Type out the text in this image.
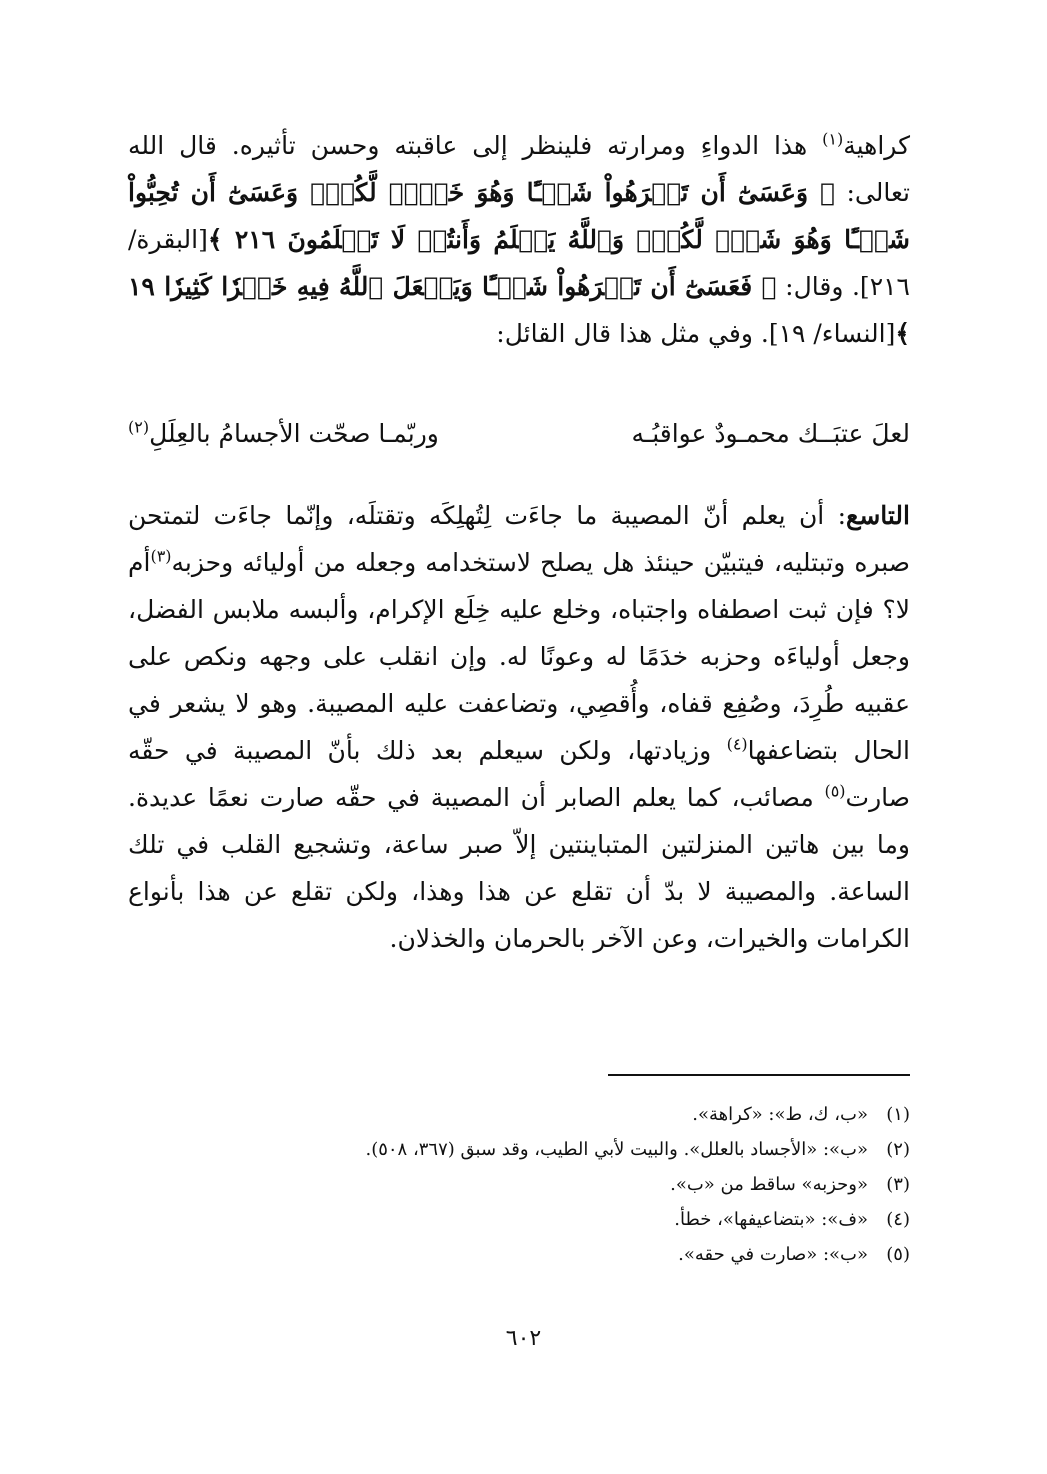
كراهية$^{(١)}$ هذا الدواءِ ومرارته فلينظر إلى عاقبته وحسن تأثيره. قال الله تعالى: ﴿ وَعَسَىٰٓ أَن تَكۡرَهُواْ شَيۡـًٔا وَهُوَ خَيۡرٞ لَّكُمۡۖ وَعَسَىٰٓ أَن تُحِبُّواْ شَيۡـًٔا وَهُوَ شَرّٞ لَّكُمۡۚ وَٱللَّهُ يَعۡلَمُ وَأَنتُمۡ لَا تَعۡلَمُونَ ٢١٦ ﴾[البقرة/ ٢١٦]. وقال: ﴿ فَعَسَىٰٓ أَن تَكۡرَهُواْ شَيۡـًٔا وَيَجۡعَلَ ٱللَّهُ فِيهِ خَيۡرٗا كَثِيرٗا ١٩ ﴾[النساء/ ١٩]. وفي مثل هذا قال القائل:
لعلَ عتبَــك محمـودٌ عواقبُـه
وربّمـا صحّت الأجسامُ بالعِلَلِ$^{(٢)}$
التاسع: أن يعلم أنّ المصيبة ما جاءَت لِتُهلِكَه وتقتلَه، وإنّما جاءَت لتمتحن صبره وتبتليه، فيتبيّن حينئذ هل يصلح لاستخدامه وجعله من أوليائه وحزبه$^{(٣)}$أم لا؟ فإن ثبت اصطفاه واجتباه، وخلع عليه خِلَع الإكرام، وألبسه ملابس الفضل، وجعل أولياءَه وحزبه خدَمًا له وعونًا له. وإن انقلب على وجهه ونكص على عقبيه طُرِدَ، وصُفِع قفاه، وأُقصِي، وتضاعفت عليه المصيبة. وهو لا يشعر في الحال بتضاعفها$^{(٤)}$ وزيادتها، ولكن سيعلم بعد ذلك بأنّ المصيبة في حقّه صارت$^{(٥)}$ مصائب، كما يعلم الصابر أن المصيبة في حقّه صارت نعمًا عديدة. وما بين هاتين المنزلتين المتباينتين إلاّ صبر ساعة، وتشجيع القلب في تلك الساعة. والمصيبة لا بدّ أن تقلع عن هذا وهذا، ولكن تقلع عن هذا بأنواع الكرامات والخيرات، وعن الآخر بالحرمان والخذلان.
(١)«ب، ك، ط»: «كراهة».
(٢)«ب»: «الأجساد بالعلل». والبيت لأبي الطيب، وقد سبق (٣٦٧، ٥٠٨).
(٣)«وحزبه» ساقط من «ب».
(٤)«ف»: «بتضاعيفها»، خطأ.
(٥)«ب»: «صارت في حقه».
٦٠٢
